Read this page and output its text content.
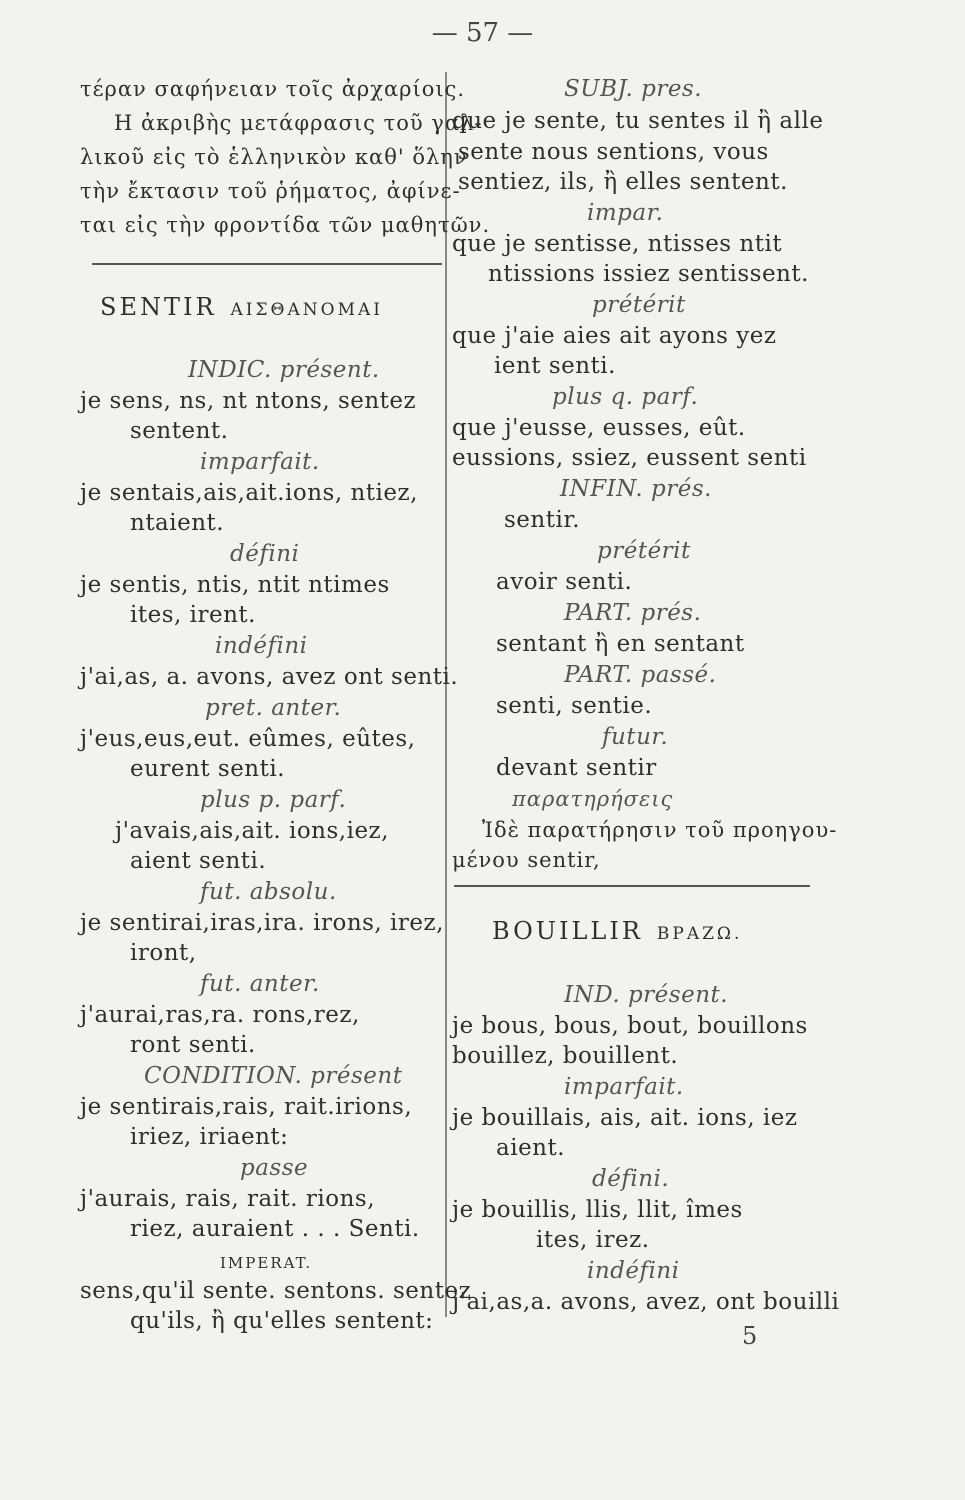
— 57 —
τέραν σαφήνειαν τοῖς ἀρχαρίοις.
Η ἀκριβὴς μετάφρασις τοῦ γαλ-
λικοῦ εἰς τὸ ἑλληνικὸν καθ' ὅλην
τὴν ἔκτασιν τοῦ ῥήματος, ἀφίνε-
ται εἰς τὴν φροντίδα τῶν μαθητῶν.
SENTIR ΑΙΣΘΑΝΟΜΑΙ
INDIC. présent.
je sens, ns, nt ntons, sentez
sentent.
imparfait.
je sentais,ais,ait.ions, ntiez,
ntaient.
défini
je sentis, ntis, ntit ntimes
ites, irent.
indéfini
j'ai,as, a. avons, avez ont senti.
pret. anter.
j'eus,eus,eut. eûmes, eûtes,
eurent senti.
plus p. parf.
j'avais,ais,ait. ions,iez,
aient senti.
fut. absolu.
je sentirai,iras,ira. irons, irez,
iront,
fut. anter.
j'aurai,ras,ra. rons,rez,
ront senti.
CONDITION. présent
je sentirais,rais, rait.irions,
iriez, iriaent:
passe
j'aurais, rais, rait. rions,
riez, auraient . . . Senti.
IMPERAT.
sens,qu'il sente. sentons. sentez
qu'ils, ἢ qu'elles sentent:
SUBJ. pres.
que je sente, tu sentes il ἢ alle
sente nous sentions, vous
sentiez, ils, ἢ elles sentent.
impar.
que je sentisse, ntisses ntit
ntissions issiez sentissent.
prétérit
que j'aie aies ait ayons yez
ient senti.
plus q. parf.
que j'eusse, eusses, eût.
eussions, ssiez, eussent senti
INFIN. prés.
sentir.
prétérit
avoir senti.
PART. prés.
sentant ἢ en sentant
PART. passé.
senti, sentie.
futur.
devant sentir
παρατηρήσεις
Ἰδὲ παρατήρησιν τοῦ προηγου-
μένου sentir,
BOUILLIR ΒΡΑΖΩ.
IND. présent.
je bous, bous, bout, bouillons
bouillez, bouillent.
imparfait.
je bouillais, ais, ait. ions, iez
aient.
défini.
je bouillis, llis, llit, îmes
ites, irez.
indéfini
j'ai,as,a. avons, avez, ont bouilli
5
